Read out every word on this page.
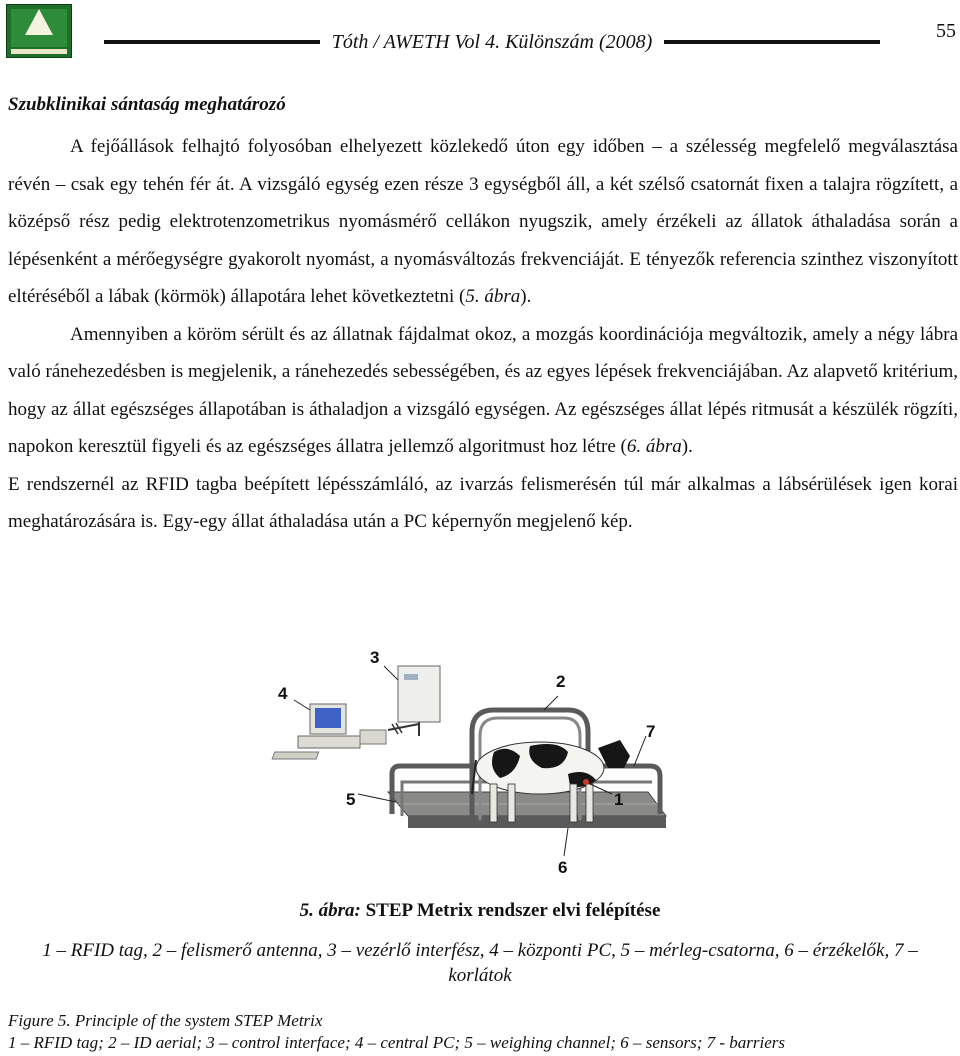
Tóth / AWETH Vol 4. Különszám (2008)	55
Szubklinikai sántaság meghatározó

A fejőállások felhajtó folyosóban elhelyezett közlekedő úton egy időben – a szélesség megfelelő megválasztása révén – csak egy tehén fér át. A vizsgáló egység ezen része 3 egységből áll, a két szélső csatornát fixen a talajra rögzített, a középső rész pedig elektrotenzometrikus nyomásmérő cellákon nyugszik, amely érzékeli az állatok áthaladása során a lépésenként a mérőegységre gyakorolt nyomást, a nyomásváltozás frekvenciáját. E tényezők referencia szinthez viszonyított eltéréséből a lábak (körmök) állapotára lehet következtetni (5. ábra).

Amennyiben a köröm sérült és az állatnak fájdalmat okoz, a mozgás koordinációja megváltozik, amely a négy lábra való ránehezedésben is megjelenik, a ránehezedés sebességében, és az egyes lépések frekvenciájában. Az alapvető kritérium, hogy az állat egészséges állapotában is áthaladjon a vizsgáló egységen. Az egészséges állat lépés ritmusát a készülék rögzíti, napokon keresztül figyeli és az egészséges állatra jellemző algoritmust hoz létre (6. ábra).

E rendszernél az RFID tagba beépített lépésszámláló, az ivarzás felismerésén túl már alkalmas a lábsérülések igen korai meghatározására is. Egy-egy állat áthaladása után a PC képernyőn megjelenő kép.

3
4
2
7
1
5
6
5. ábra: STEP Metrix rendszer elvi felépítése
1 – RFID tag, 2 – felismerő antenna, 3 – vezérlő interfész, 4 – központi PC, 5 – mérleg-csatorna, 6 – érzékelők, 7 – korlátok
Figure 5. Principle of the system STEP Metrix
1 – RFID tag; 2 – ID aerial; 3 – control interface; 4 – central PC; 5 – weighing channel; 6 – sensors; 7 - barriers
